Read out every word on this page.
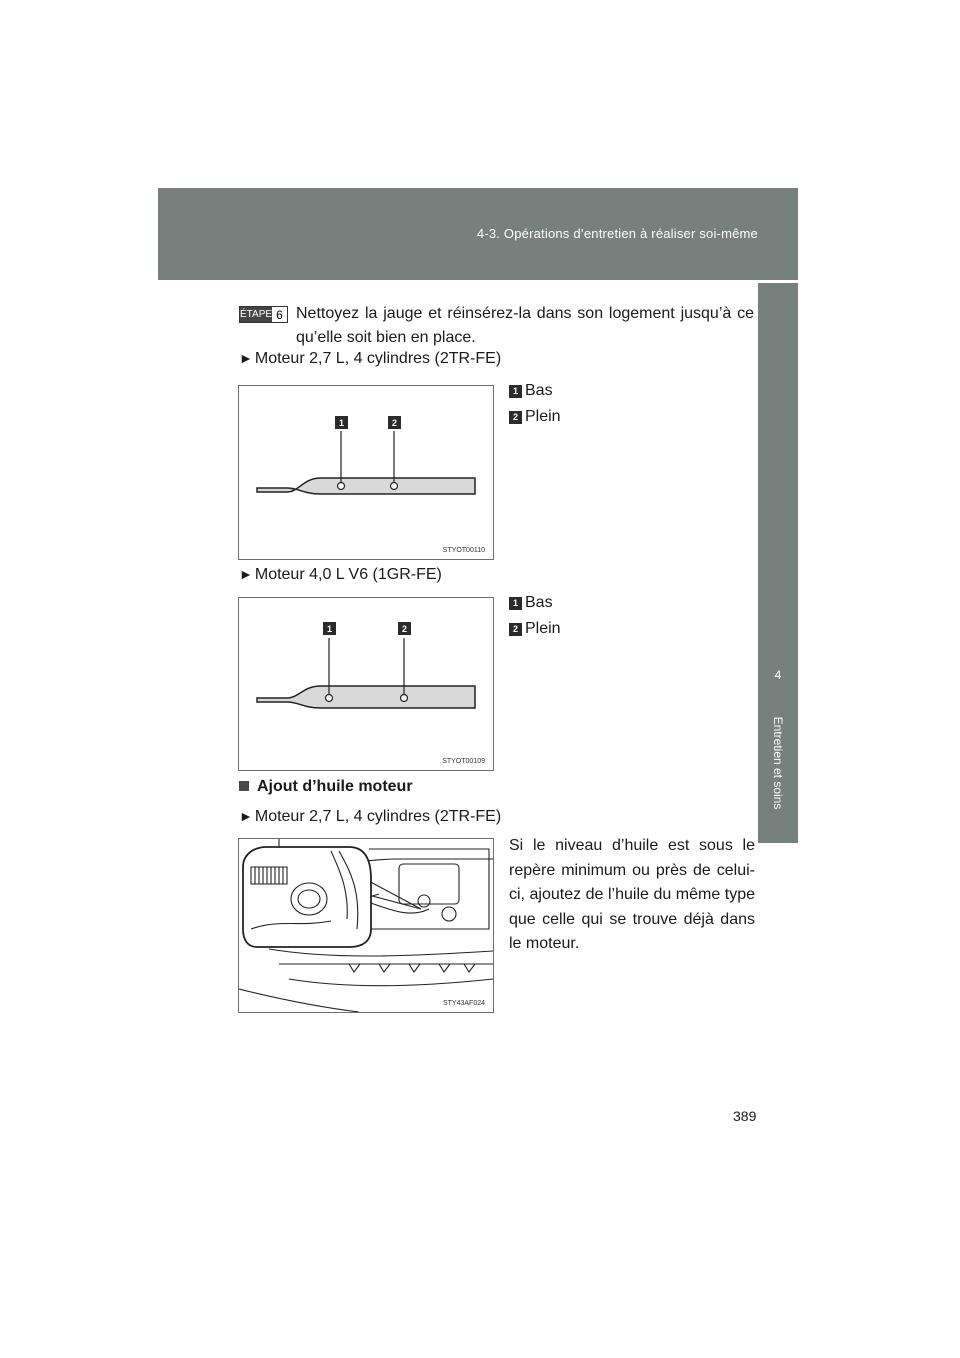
4-3. Opérations d’entretien à réaliser soi-même
4
Entretien et soins
ÉTAPE 6 Nettoyez la jauge et réinsérez-la dans son logement jusqu’à ce qu’elle soit bien en place.
► Moteur 2,7 L, 4 cylindres (2TR-FE)
1	2
STYOT00110
1 Bas
2 Plein
► Moteur 4,0 L V6 (1GR-FE)
1	2
STYOT00109
1 Bas
2 Plein
Ajout d’huile moteur
► Moteur 2,7 L, 4 cylindres (2TR-FE)
STY43AF024
Si le niveau d’huile est sous le repère minimum ou près de celui-ci, ajoutez de l’huile du même type que celle qui se trouve déjà dans le moteur.
389
